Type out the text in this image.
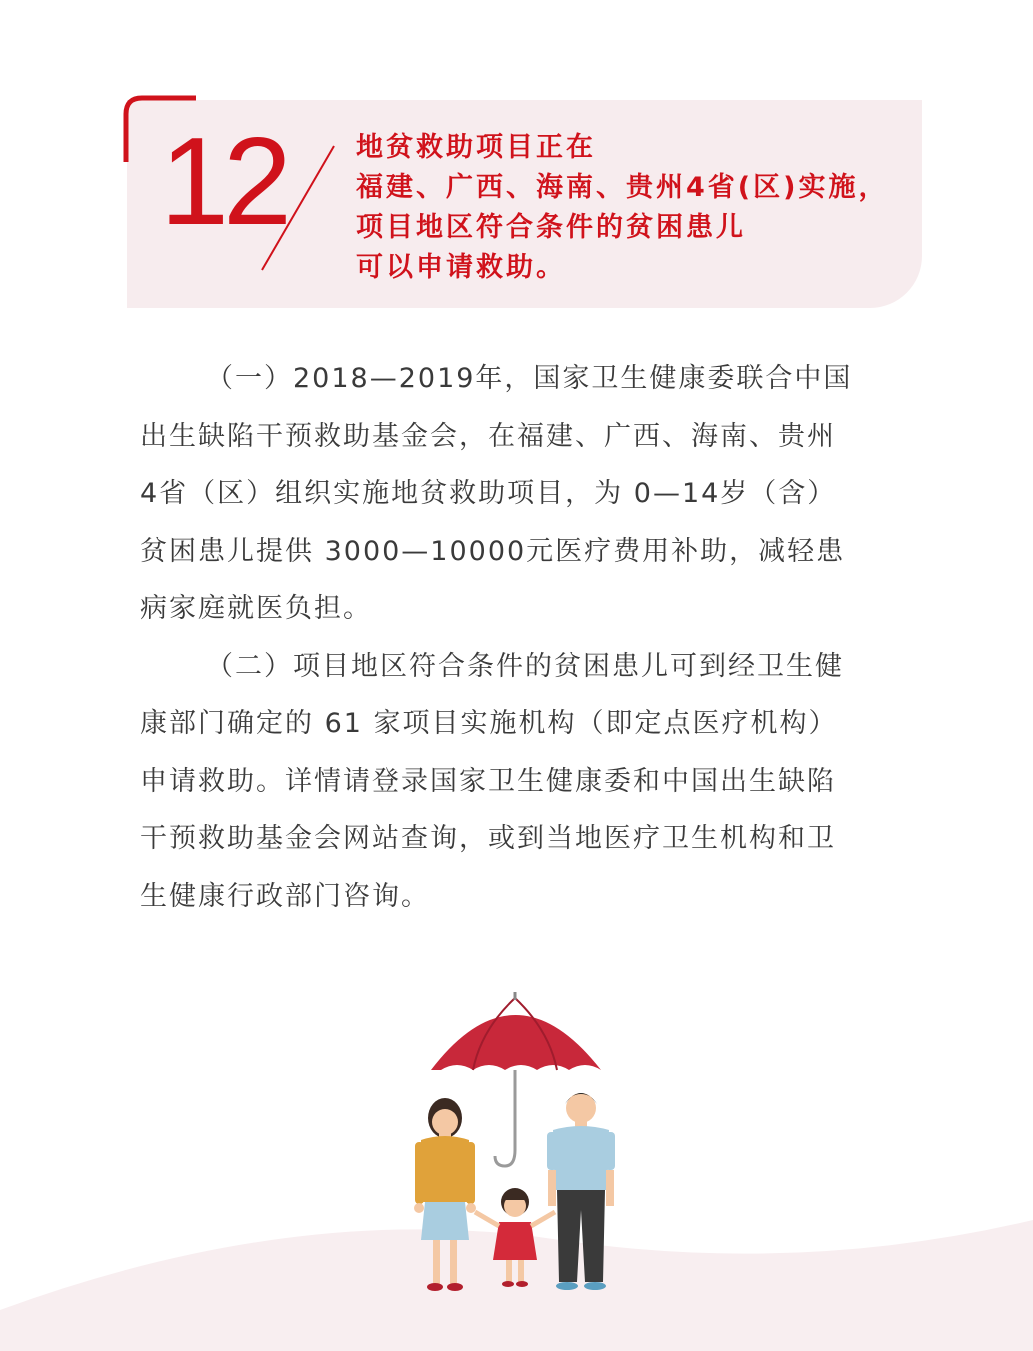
12	地贫救助项目正在
福建、广西、海南、贵州4省(区)实施，
项目地区符合条件的贫困患儿
可以申请救助。
（一）2018—2019年，国家卫生健康委联合中国
出生缺陷干预救助基金会，在福建、广西、海南、贵州
4省（区）组织实施地贫救助项目，为 0—14岁（含）
贫困患儿提供 3000—10000元医疗费用补助，减轻患
病家庭就医负担。
（二）项目地区符合条件的贫困患儿可到经卫生健
康部门确定的 61 家项目实施机构（即定点医疗机构）
申请救助。详情请登录国家卫生健康委和中国出生缺陷
干预救助基金会网站查询，或到当地医疗卫生机构和卫
生健康行政部门咨询。
